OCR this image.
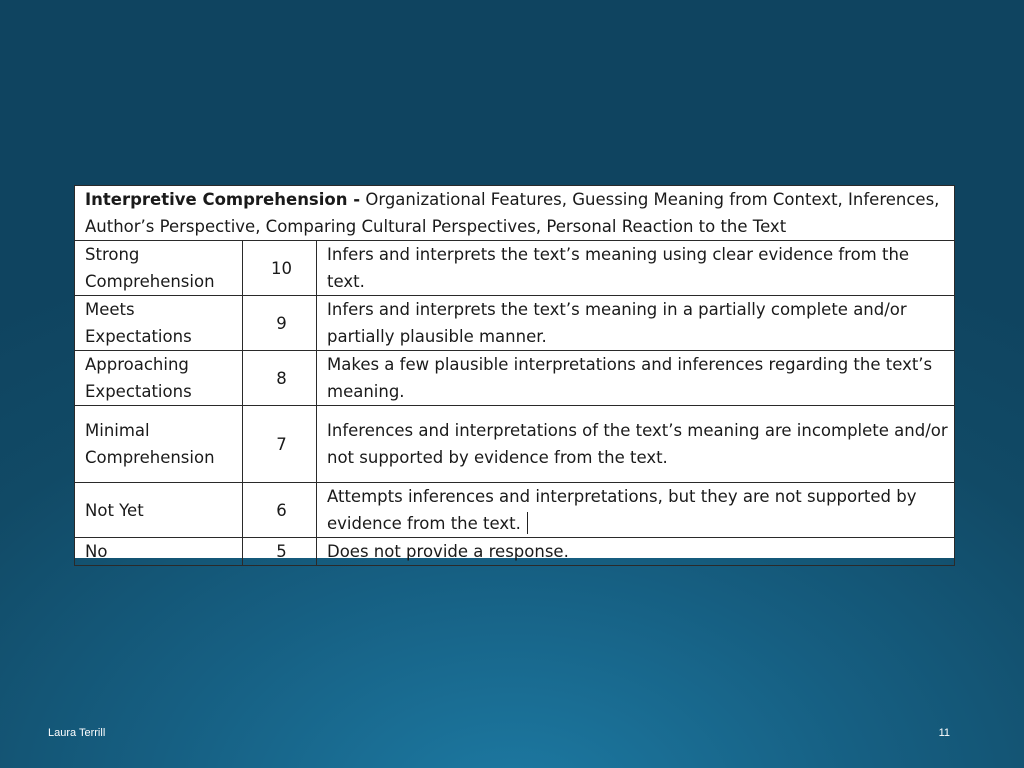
Interpretive Comprehension - Organizational Features, Guessing Meaning from Context, Inferences, Author’s Perspective, Comparing Cultural Perspectives, Personal Reaction to the Text		
Strong Comprehension	10	Infers and interprets the text’s meaning using clear evidence from the text.
Meets Expectations	9	Infers and interprets the text’s meaning in a partially complete and/or partially plausible manner.
Approaching Expectations	8	Makes a few plausible interpretations and inferences regarding the text’s meaning.
Minimal Comprehension	7	Inferences and interpretations of the text’s meaning are incomplete and/or not supported by evidence from the text.
Not Yet	6	Attempts inferences and interpretations, but they are not supported by evidence from the text.
No	5	Does not provide a response.
Laura Terrill	11
